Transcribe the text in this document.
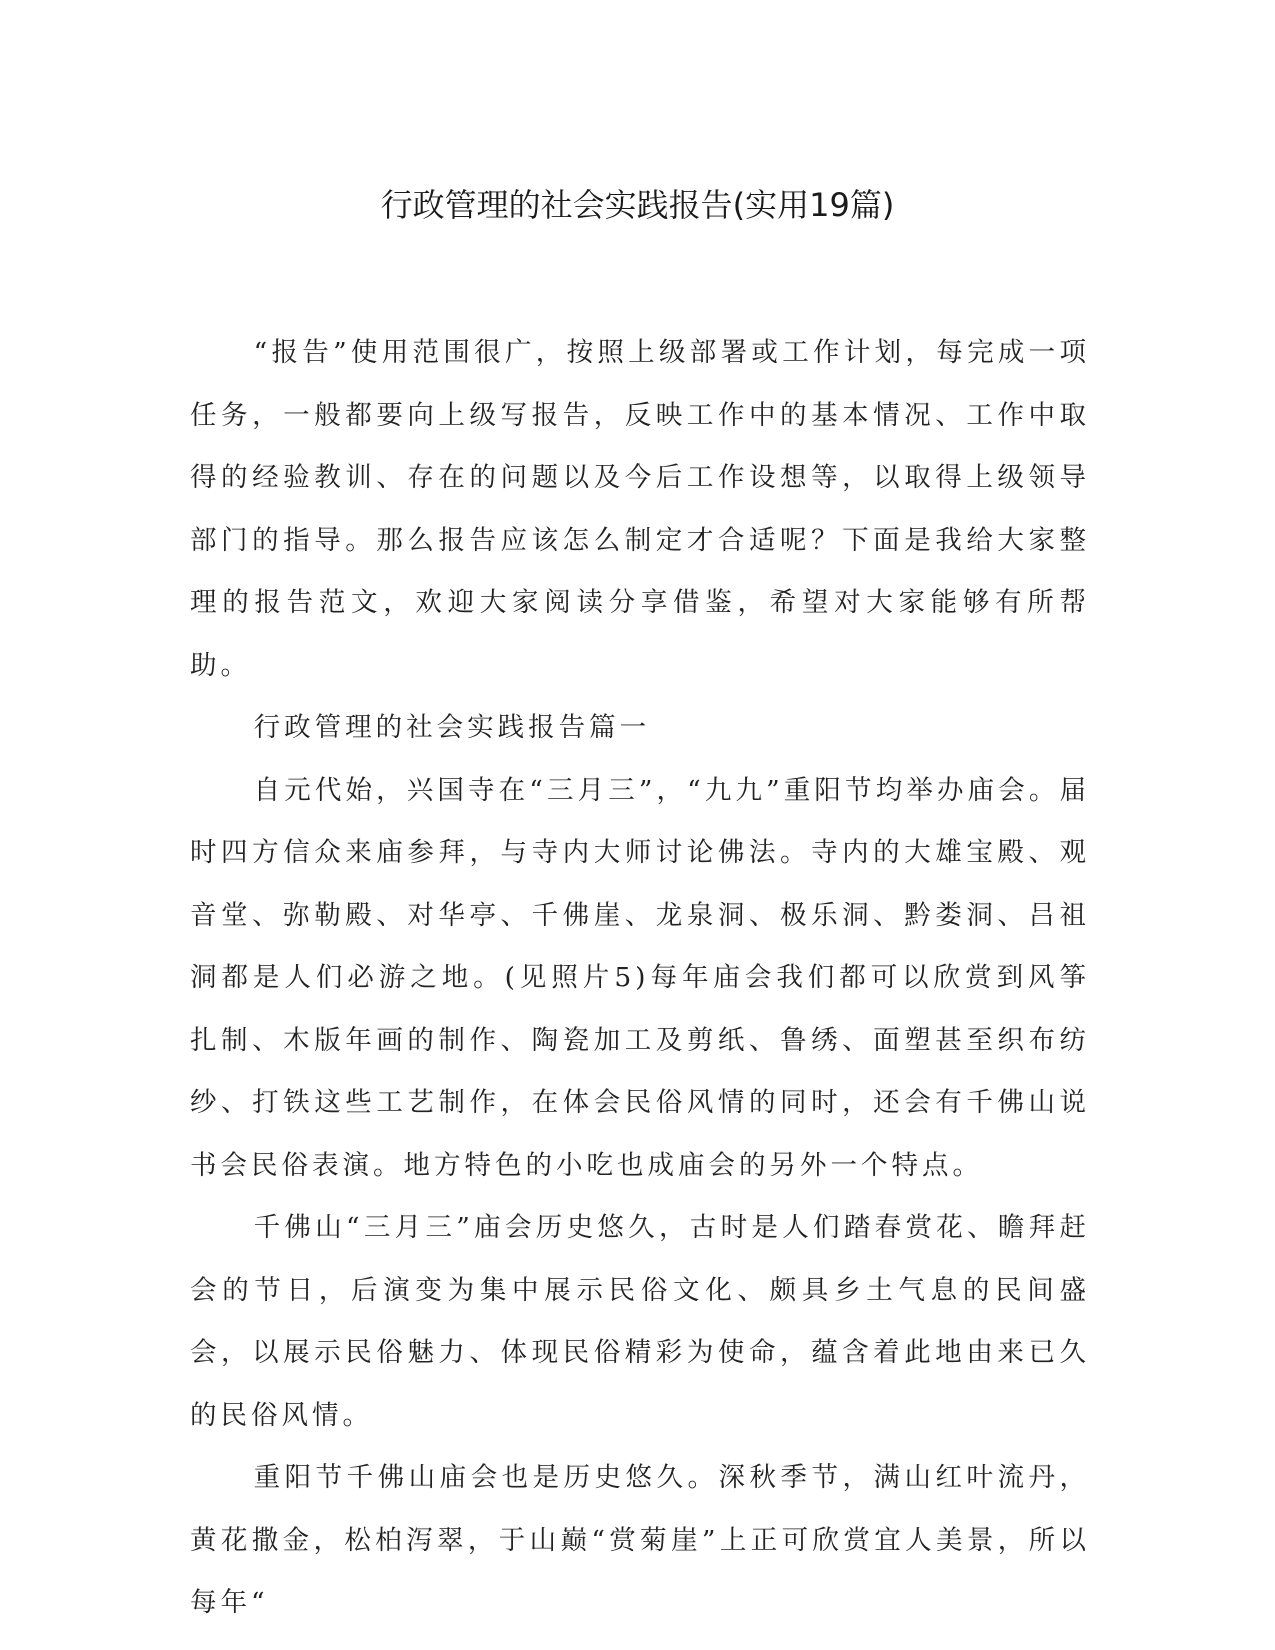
行政管理的社会实践报告(实用19篇)

“报告”使用范围很广，按照上级部署或工作计划，每完成一项任务，一般都要向上级写报告，反映工作中的基本情况、工作中取得的经验教训、存在的问题以及今后工作设想等，以取得上级领导部门的指导。那么报告应该怎么制定才合适呢？下面是我给大家整理的报告范文，欢迎大家阅读分享借鉴，希望对大家能够有所帮助。

行政管理的社会实践报告篇一

自元代始，兴国寺在“三月三”，“九九”重阳节均举办庙会。届时四方信众来庙参拜，与寺内大师讨论佛法。寺内的大雄宝殿、观音堂、弥勒殿、对华亭、千佛崖、龙泉洞、极乐洞、黔娄洞、吕祖洞都是人们必游之地。(见照片5)每年庙会我们都可以欣赏到风筝扎制、木版年画的制作、陶瓷加工及剪纸、鲁绣、面塑甚至织布纺纱、打铁这些工艺制作，在体会民俗风情的同时，还会有千佛山说书会民俗表演。地方特色的小吃也成庙会的另外一个特点。

千佛山“三月三”庙会历史悠久，古时是人们踏春赏花、瞻拜赶会的节日，后演变为集中展示民俗文化、颇具乡土气息的民间盛会，以展示民俗魅力、体现民俗精彩为使命，蕴含着此地由来已久的民俗风情。

重阳节千佛山庙会也是历史悠久。深秋季节，满山红叶流丹，黄花撒金，松柏泻翠，于山巅“赏菊崖”上正可欣赏宜人美景，所以每年“
